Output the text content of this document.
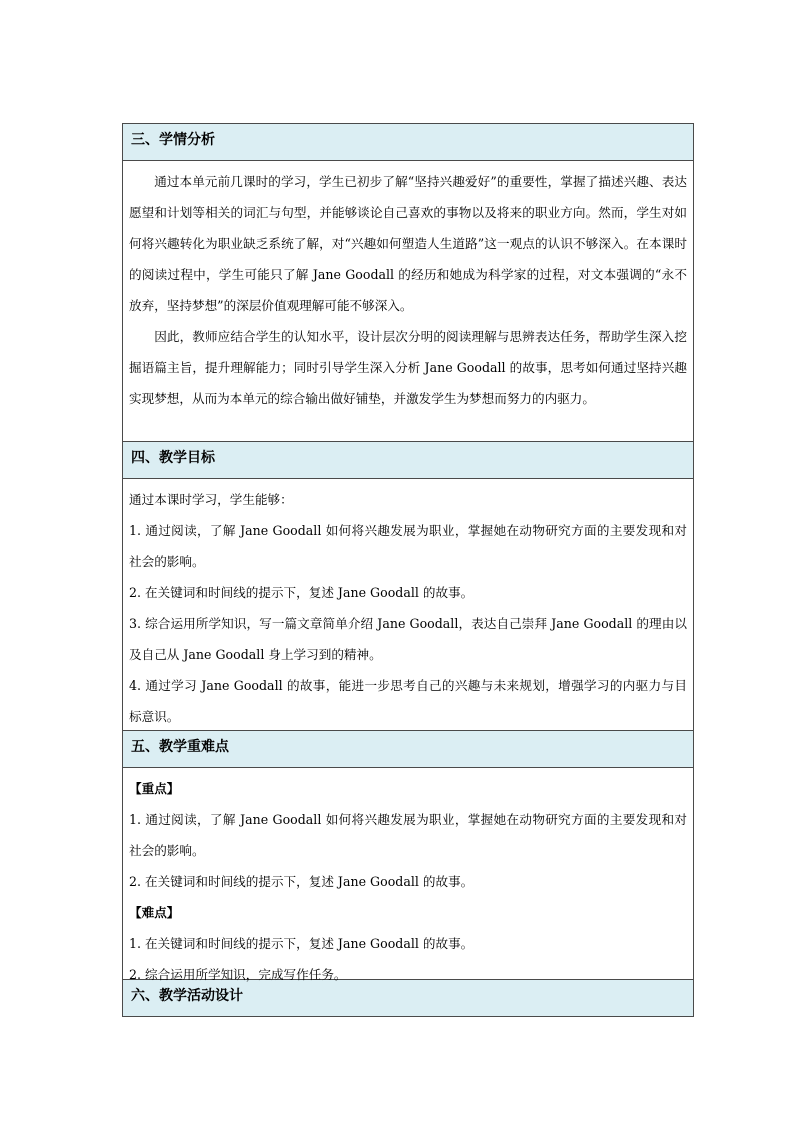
三、学情分析

通过本单元前几课时的学习，学生已初步了解“坚持兴趣爱好”的重要性，掌握了描述兴趣、表达愿望和计划等相关的词汇与句型，并能够谈论自己喜欢的事物以及将来的职业方向。然而，学生对如何将兴趣转化为职业缺乏系统了解，对“兴趣如何塑造人生道路”这一观点的认识不够深入。在本课时的阅读过程中，学生可能只了解 Jane Goodall 的经历和她成为科学家的过程，对文本强调的“永不放弃，坚持梦想”的深层价值观理解可能不够深入。

因此，教师应结合学生的认知水平，设计层次分明的阅读理解与思辨表达任务，帮助学生深入挖掘语篇主旨，提升理解能力；同时引导学生深入分析 Jane Goodall 的故事，思考如何通过坚持兴趣实现梦想，从而为本单元的综合输出做好铺垫，并激发学生为梦想而努力的内驱力。

四、教学目标

通过本课时学习，学生能够：

1. 通过阅读，了解 Jane Goodall 如何将兴趣发展为职业，掌握她在动物研究方面的主要发现和对社会的影响。

2. 在关键词和时间线的提示下，复述 Jane Goodall 的故事。

3. 综合运用所学知识，写一篇文章简单介绍 Jane Goodall，表达自己崇拜 Jane Goodall 的理由以及自己从 Jane Goodall 身上学习到的精神。

4. 通过学习 Jane Goodall 的故事，能进一步思考自己的兴趣与未来规划，增强学习的内驱力与目标意识。

五、教学重难点

【重点】

1. 通过阅读，了解 Jane Goodall 如何将兴趣发展为职业，掌握她在动物研究方面的主要发现和对社会的影响。

2. 在关键词和时间线的提示下，复述 Jane Goodall 的故事。

【难点】

1. 在关键词和时间线的提示下，复述 Jane Goodall 的故事。

2. 综合运用所学知识，完成写作任务。

六、教学活动设计
